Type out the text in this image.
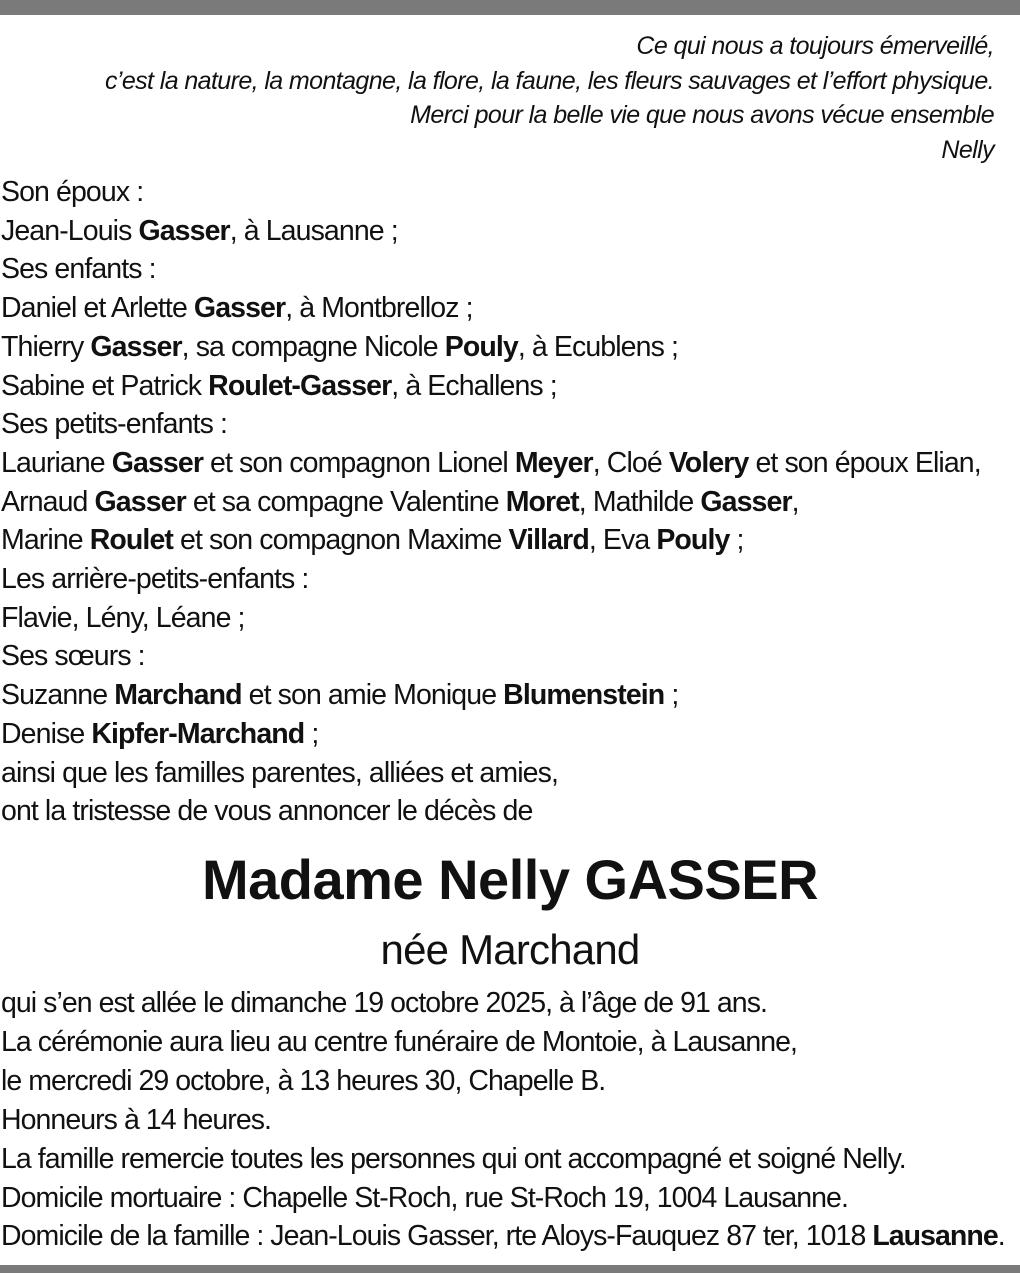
Ce qui nous a toujours émerveillé,
c’est la nature, la montagne, la flore, la faune, les fleurs sauvages et l’effort physique.
Merci pour la belle vie que nous avons vécue ensemble
Nelly
Son époux :
Jean-Louis Gasser, à Lausanne ;
Ses enfants :
Daniel et Arlette Gasser, à Montbrelloz ;
Thierry Gasser, sa compagne Nicole Pouly, à Ecublens ;
Sabine et Patrick Roulet-Gasser, à Echallens ;
Ses petits-enfants :
Lauriane Gasser et son compagnon Lionel Meyer, Cloé Volery et son époux Elian,
Arnaud Gasser et sa compagne Valentine Moret, Mathilde Gasser,
Marine Roulet et son compagnon Maxime Villard, Eva Pouly ;
Les arrière-petits-enfants :
Flavie, Lény, Léane ;
Ses sœurs :
Suzanne Marchand et son amie Monique Blumenstein ;
Denise Kipfer-Marchand ;
ainsi que les familles parentes, alliées et amies,
ont la tristesse de vous annoncer le décès de
Madame Nelly GASSER
née Marchand
qui s’en est allée le dimanche 19 octobre 2025, à l’âge de 91 ans.
La cérémonie aura lieu au centre funéraire de Montoie, à Lausanne,
le mercredi 29 octobre, à 13 heures 30, Chapelle B.
Honneurs à 14 heures.
La famille remercie toutes les personnes qui ont accompagné et soigné Nelly.
Domicile mortuaire : Chapelle St-Roch, rue St-Roch 19, 1004 Lausanne.
Domicile de la famille : Jean-Louis Gasser, rte Aloys-Fauquez 87 ter, 1018 Lausanne.
